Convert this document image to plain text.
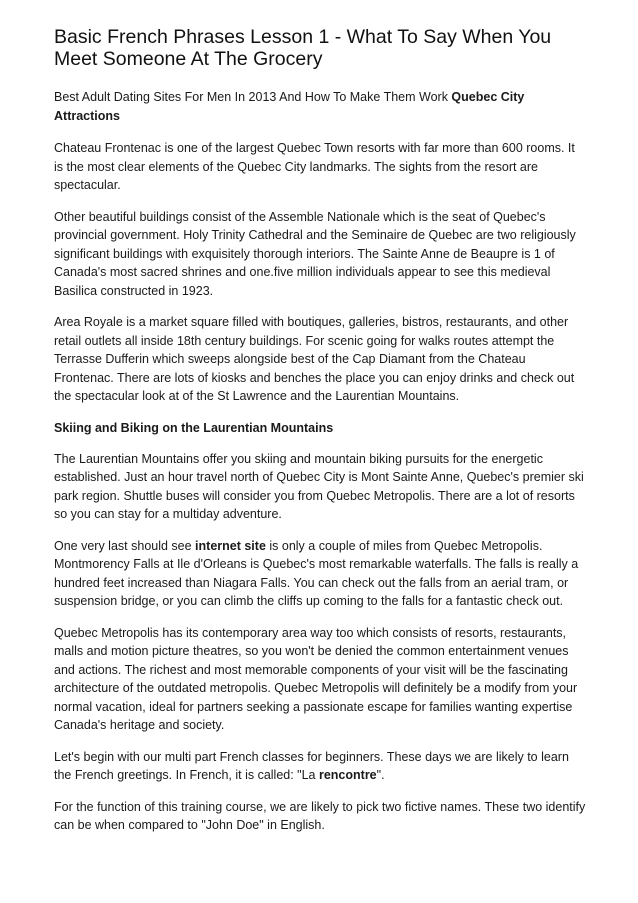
Basic French Phrases Lesson 1 - What To Say When You Meet Someone At The Grocery

Best Adult Dating Sites For Men In 2013 And How To Make Them Work Quebec City Attractions

Chateau Frontenac is one of the largest Quebec Town resorts with far more than 600 rooms. It is the most clear elements of the Quebec City landmarks. The sights from the resort are spectacular.

Other beautiful buildings consist of the Assemble Nationale which is the seat of Quebec's provincial government. Holy Trinity Cathedral and the Seminaire de Quebec are two religiously significant buildings with exquisitely thorough interiors. The Sainte Anne de Beaupre is 1 of Canada's most sacred shrines and one.five million individuals appear to see this medieval Basilica constructed in 1923.

Area Royale is a market square filled with boutiques, galleries, bistros, restaurants, and other retail outlets all inside 18th century buildings. For scenic going for walks routes attempt the Terrasse Dufferin which sweeps alongside best of the Cap Diamant from the Chateau Frontenac. There are lots of kiosks and benches the place you can enjoy drinks and check out the spectacular look at of the St Lawrence and the Laurentian Mountains.

Skiing and Biking on the Laurentian Mountains

The Laurentian Mountains offer you skiing and mountain biking pursuits for the energetic established. Just an hour travel north of Quebec City is Mont Sainte Anne, Quebec's premier ski park region. Shuttle buses will consider you from Quebec Metropolis. There are a lot of resorts so you can stay for a multiday adventure.

One very last should see internet site is only a couple of miles from Quebec Metropolis. Montmorency Falls at Ile d'Orleans is Quebec's most remarkable waterfalls. The falls is really a hundred feet increased than Niagara Falls. You can check out the falls from an aerial tram, or suspension bridge, or you can climb the cliffs up coming to the falls for a fantastic check out.

Quebec Metropolis has its contemporary area way too which consists of resorts, restaurants, malls and motion picture theatres, so you won't be denied the common entertainment venues and actions. The richest and most memorable components of your visit will be the fascinating architecture of the outdated metropolis. Quebec Metropolis will definitely be a modify from your normal vacation, ideal for partners seeking a passionate escape for families wanting expertise Canada's heritage and society.

Let's begin with our multi part French classes for beginners. These days we are likely to learn the French greetings. In French, it is called: "La rencontre".

For the function of this training course, we are likely to pick two fictive names. These two identify can be when compared to "John Doe" in English.
